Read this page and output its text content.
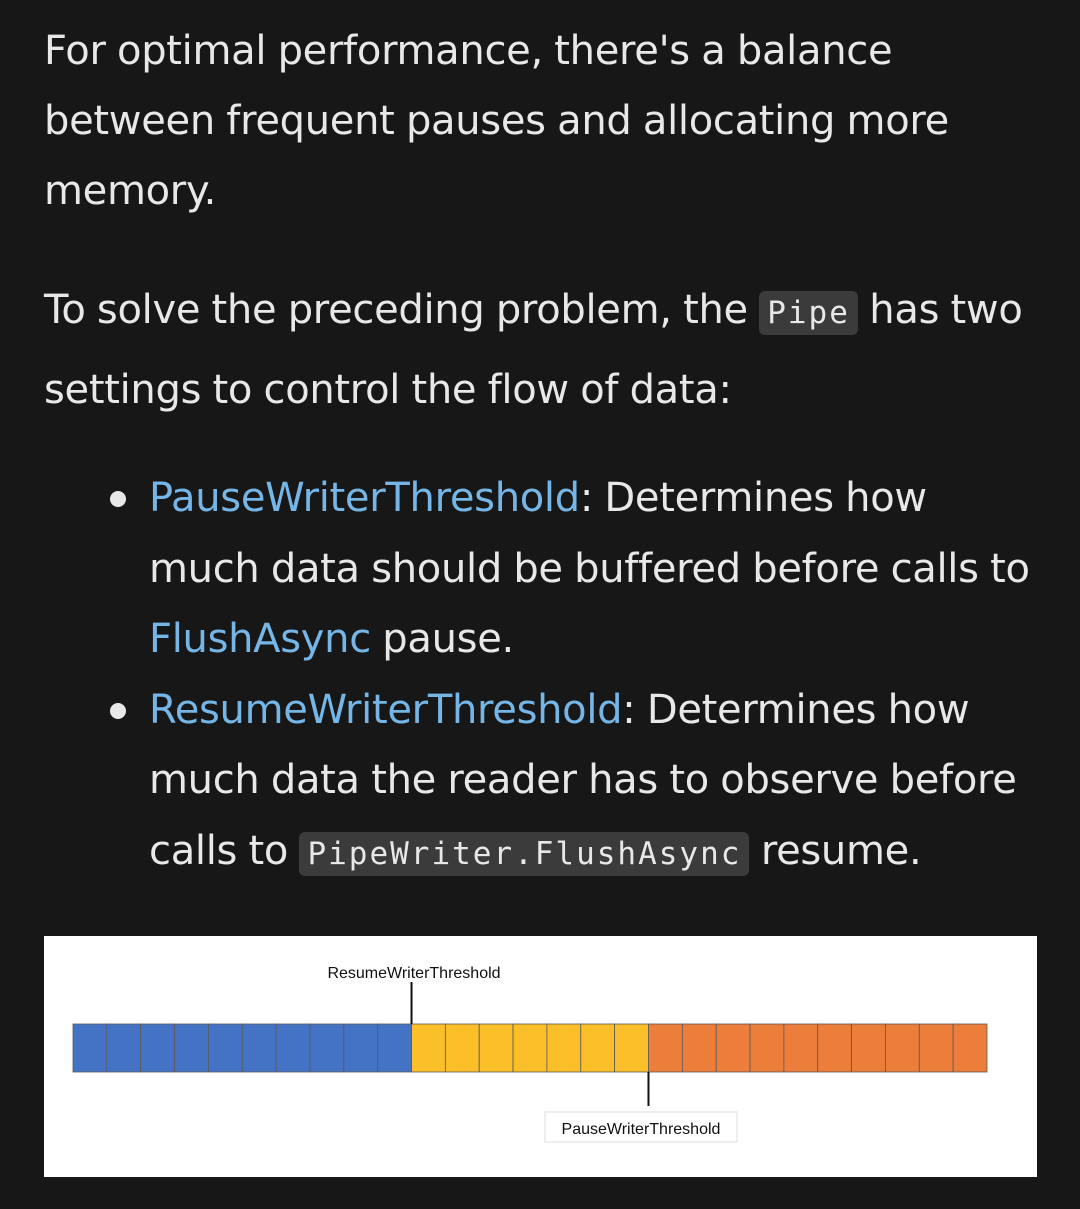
For optimal performance, there's a balance between frequent pauses and allocating more memory.

To solve the preceding problem, the Pipe has two settings to control the flow of data:

PauseWriterThreshold: Determines how much data should be buffered before calls to FlushAsync pause.
ResumeWriterThreshold: Determines how much data the reader has to observe before calls to PipeWriter.FlushAsync resume.
ResumeWriterThreshold
PauseWriterThreshold
